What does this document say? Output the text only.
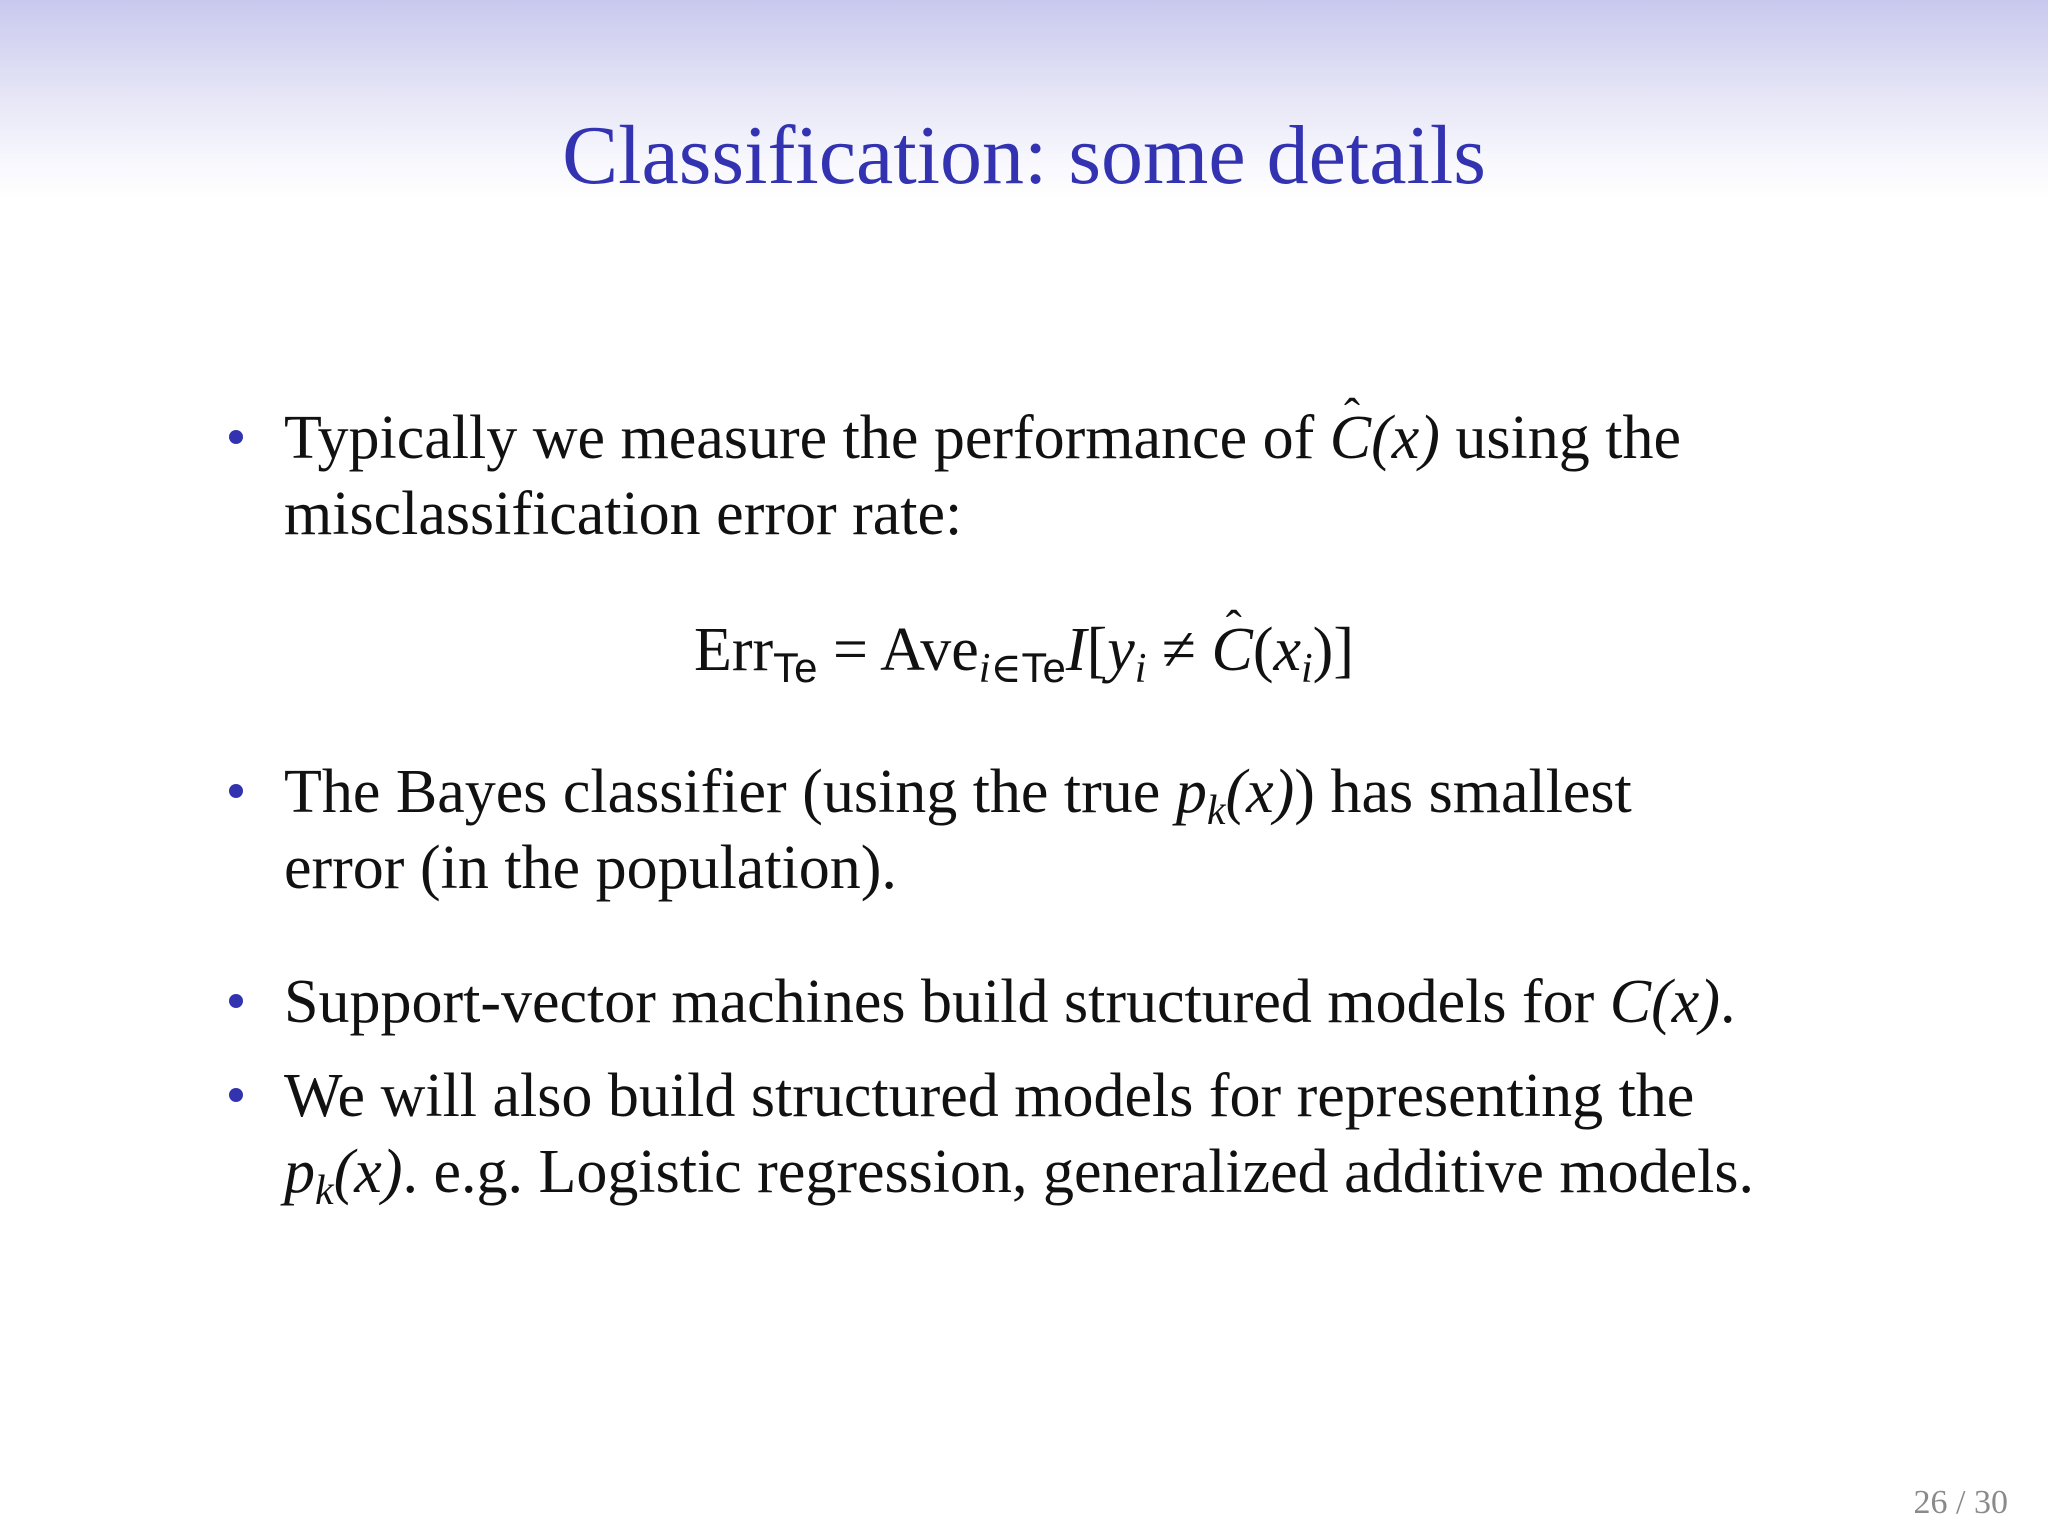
Classification: some details
Typically we measure the performance of ˆ C(x) using the
misclassification error rate:
$Err_{Te} = Ave_{i\in Te}I[y_i$ ≠ ˆ $C(x_i)$]
The Bayes classifier (using the true $p_k(x)$) has smallest
error (in the population).
Support-vector machines build structured models for C(x).
We will also build structured models for representing the
$p_k(x)$. e.g. Logistic regression, generalized additive models.
26 / 30
